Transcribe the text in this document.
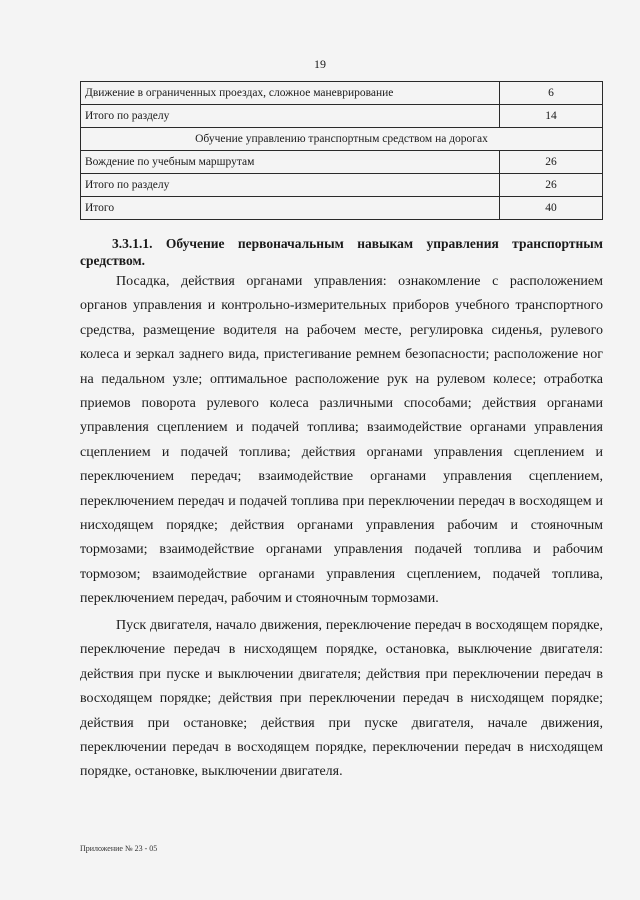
19
Движение в ограниченных проездах, сложное маневрирование	6
Итого по разделу	14
Обучение управлению транспортным средством на дорогах	
Вождение по учебным маршрутам	26
Итого по разделу	26
Итого	40
3.3.1.1. Обучение первоначальным навыкам управления транспортным средством.
Посадка, действия органами управления: ознакомление с расположением органов управления и контрольно-измерительных приборов учебного транспортного средства, размещение водителя на рабочем месте, регулировка сиденья, рулевого колеса и зеркал заднего вида, пристегивание ремнем безопасности; расположение ног на педальном узле; оптимальное расположение рук на рулевом колесе; отработка приемов поворота рулевого колеса различными способами; действия органами управления сцеплением и подачей топлива; взаимодействие органами управления сцеплением и подачей топлива; действия органами управления сцеплением и переключением передач; взаимодействие органами управления сцеплением, переключением передач и подачей топлива при переключении передач в восходящем и нисходящем порядке; действия органами управления рабочим и стояночным тормозами; взаимодействие органами управления подачей топлива и рабочим тормозом; взаимодействие органами управления сцеплением, подачей топлива, переключением передач, рабочим и стояночным тормозами.
Пуск двигателя, начало движения, переключение передач в восходящем порядке, переключение передач в нисходящем порядке, остановка, выключение двигателя: действия при пуске и выключении двигателя; действия при переключении передач в восходящем порядке; действия при переключении передач в нисходящем порядке; действия при остановке; действия при пуске двигателя, начале движения, переключении передач в восходящем порядке, переключении передач в нисходящем порядке, остановке, выключении двигателя.
Приложение № 23 - 05
